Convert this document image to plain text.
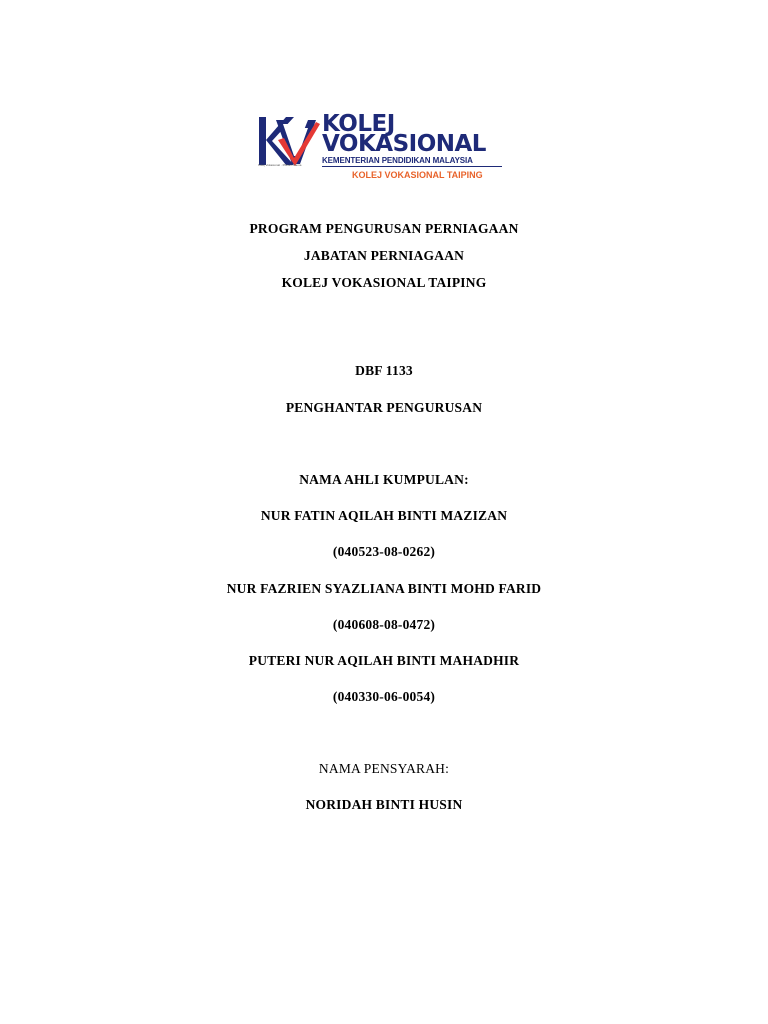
Kolej Vokasional · Pilihan Utama
KOLEJ
VOKASIONAL
KEMENTERIAN PENDIDIKAN MALAYSIA
KOLEJ VOKASIONAL TAIPING
PROGRAM PENGURUSAN PERNIAGAAN
JABATAN PERNIAGAAN
KOLEJ VOKASIONAL TAIPING
DBF 1133
PENGHANTAR PENGURUSAN
NAMA AHLI KUMPULAN:
NUR FATIN AQILAH BINTI MAZIZAN
(040523-08-0262)
NUR FAZRIEN SYAZLIANA BINTI MOHD FARID
(040608-08-0472)
PUTERI NUR AQILAH BINTI MAHADHIR
(040330-06-0054)
NAMA PENSYARAH:
NORIDAH BINTI HUSIN
